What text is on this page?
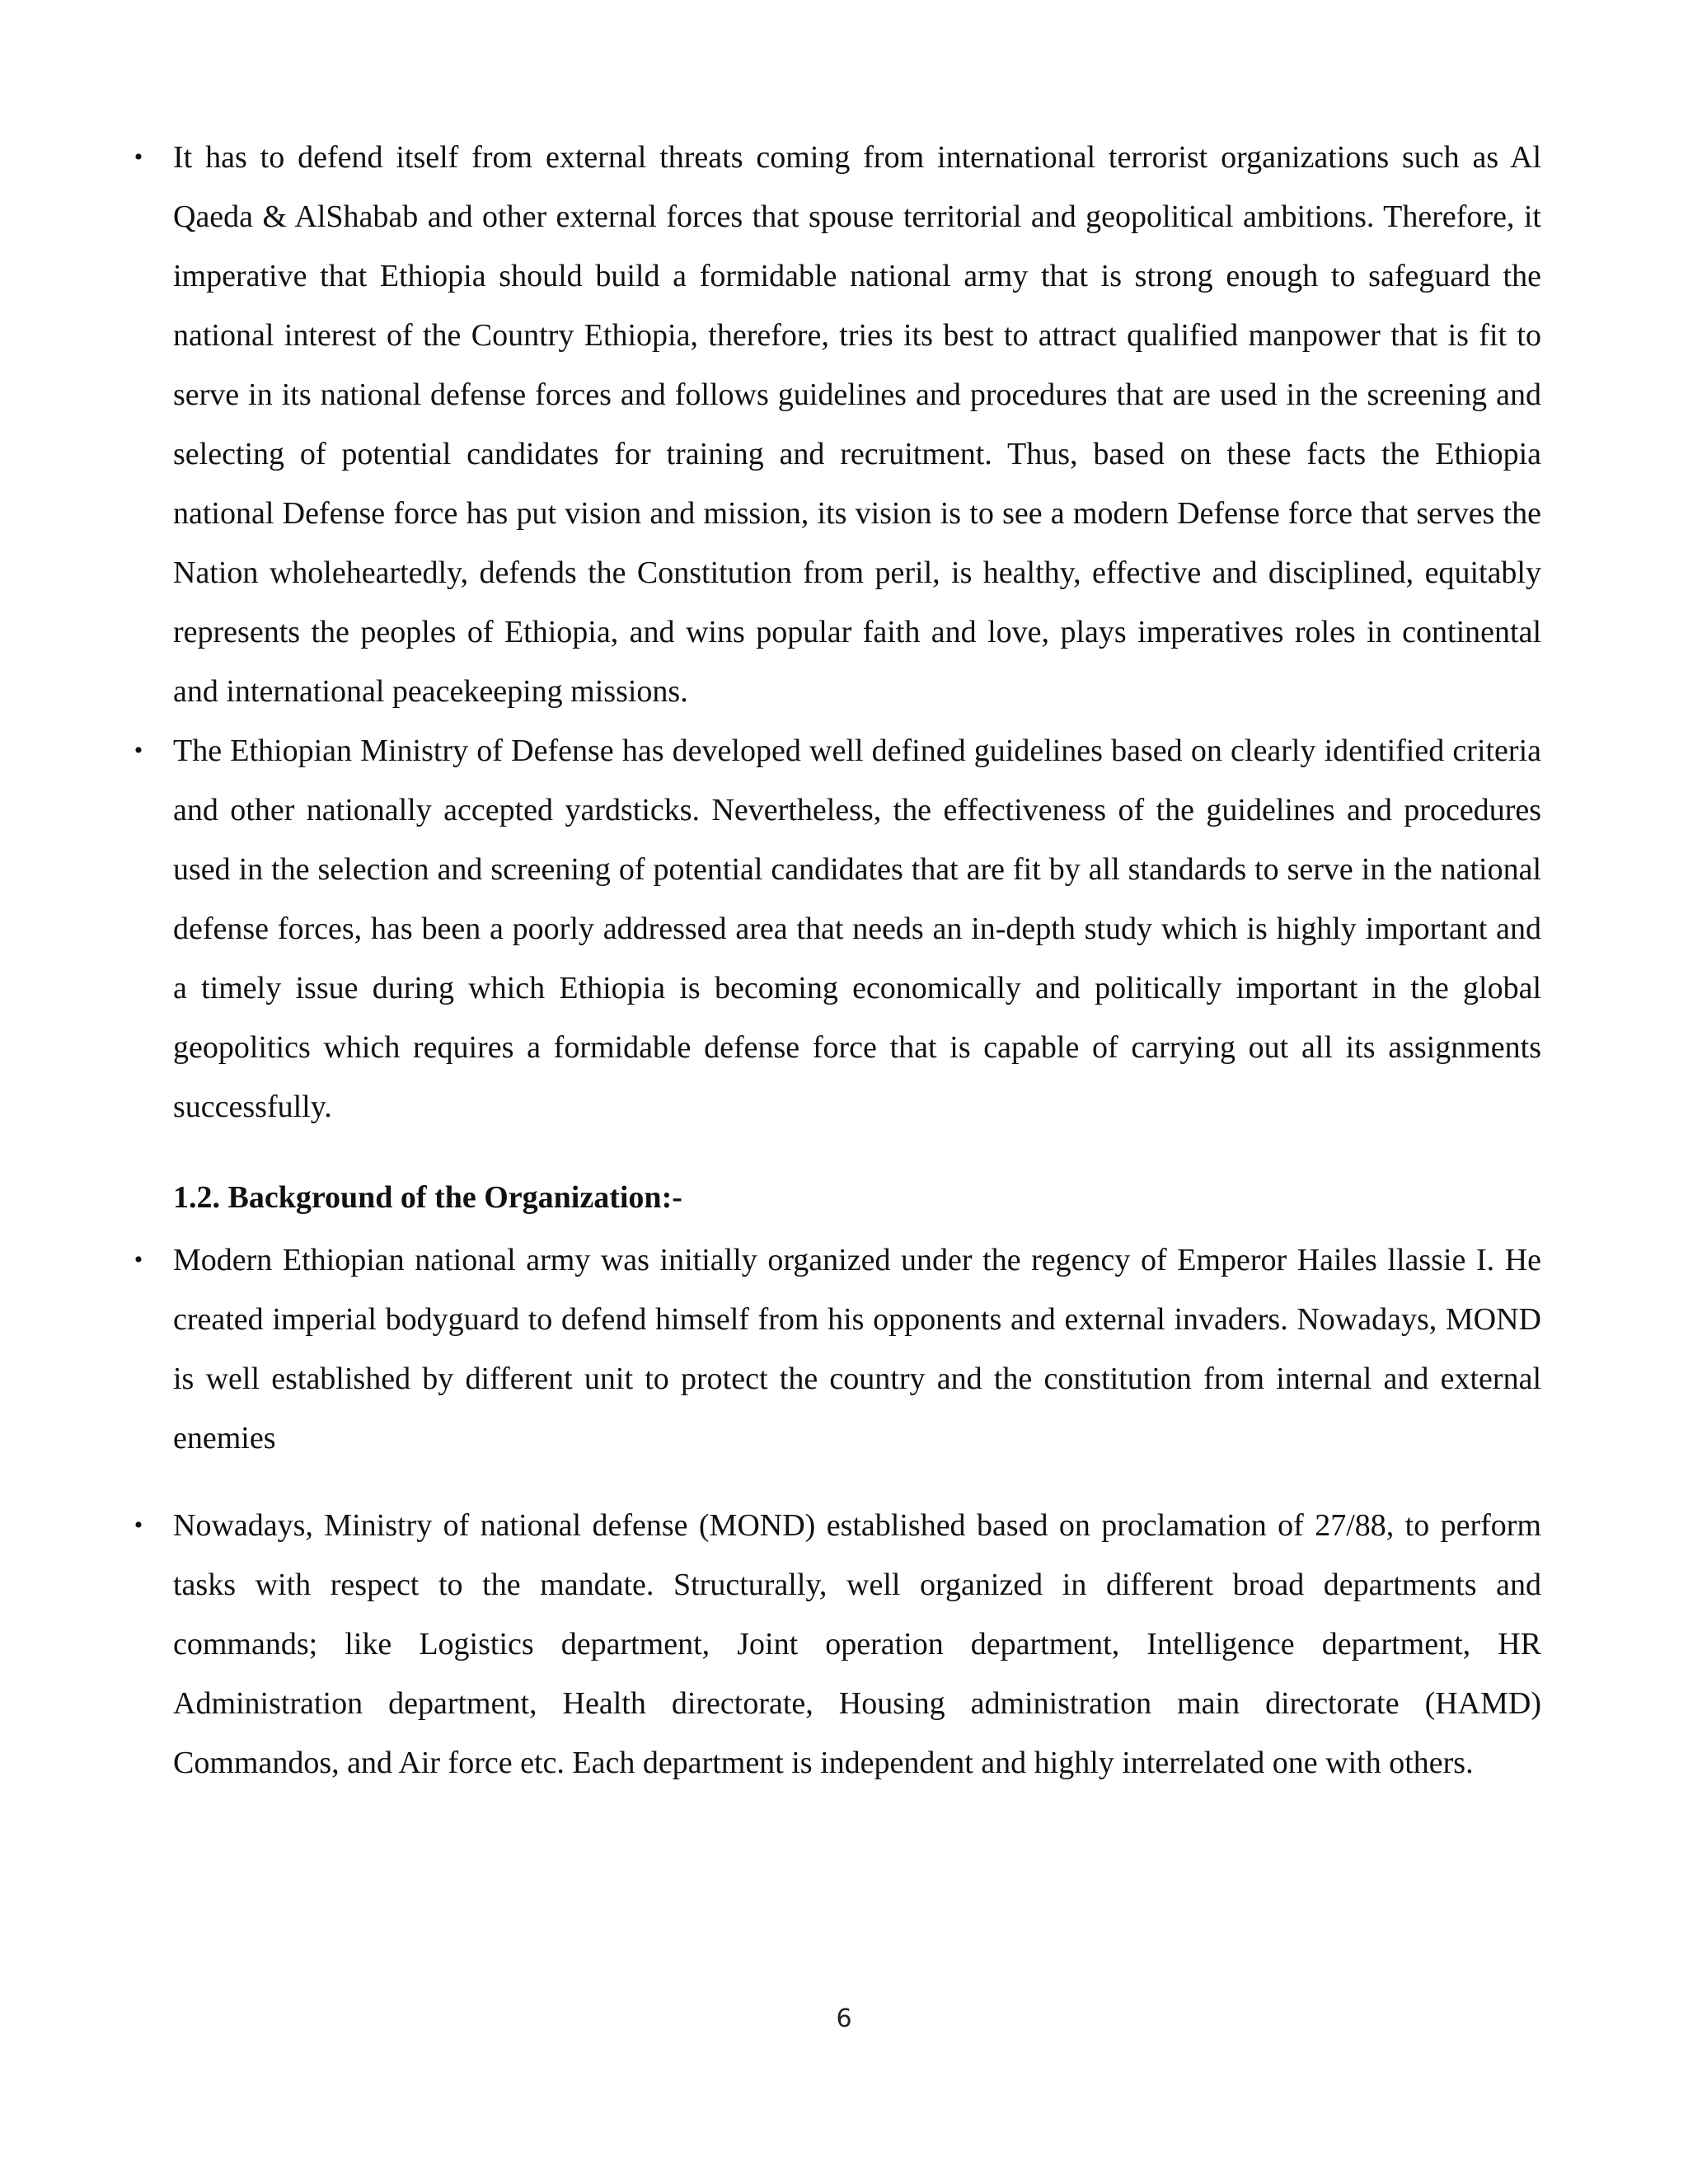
• It has to defend itself from external threats coming from international terrorist organizations such as Al Qaeda & AlShabab and other external forces that spouse territorial and geopolitical ambitions. Therefore, it imperative that Ethiopia should build a formidable national army that is strong enough to safeguard the national interest of the Country Ethiopia, therefore, tries its best to attract qualified manpower that is fit to serve in its national defense forces and follows guidelines and procedures that are used in the screening and selecting of potential candidates for training and recruitment. Thus, based on these facts the Ethiopia national Defense force has put vision and mission, its vision is to see a modern Defense force that serves the Nation wholeheartedly, defends the Constitution from peril, is healthy, effective and disciplined, equitably represents the peoples of Ethiopia, and wins popular faith and love, plays imperatives roles in continental and international peacekeeping missions.
• The Ethiopian Ministry of Defense has developed well defined guidelines based on clearly identified criteria and other nationally accepted yardsticks. Nevertheless, the effectiveness of the guidelines and procedures used in the selection and screening of potential candidates that are fit by all standards to serve in the national defense forces, has been a poorly addressed area that needs an in-depth study which is highly important and a timely issue during which Ethiopia is becoming economically and politically important in the global geopolitics which requires a formidable defense force that is capable of carrying out all its assignments successfully.
1.2. Background of the Organization:-
• Modern Ethiopian national army was initially organized under the regency of Emperor Hailes llassie I. He created imperial bodyguard to defend himself from his opponents and external invaders. Nowadays, MOND is well established by different unit to protect the country and the constitution from internal and external enemies
• Nowadays, Ministry of national defense (MOND) established based on proclamation of 27/88, to perform tasks with respect to the mandate. Structurally, well organized in different broad departments and commands; like Logistics department, Joint operation department, Intelligence department, HR Administration department, Health directorate, Housing administration main directorate (HAMD) Commandos, and Air force etc. Each department is independent and highly interrelated one with others.
6
